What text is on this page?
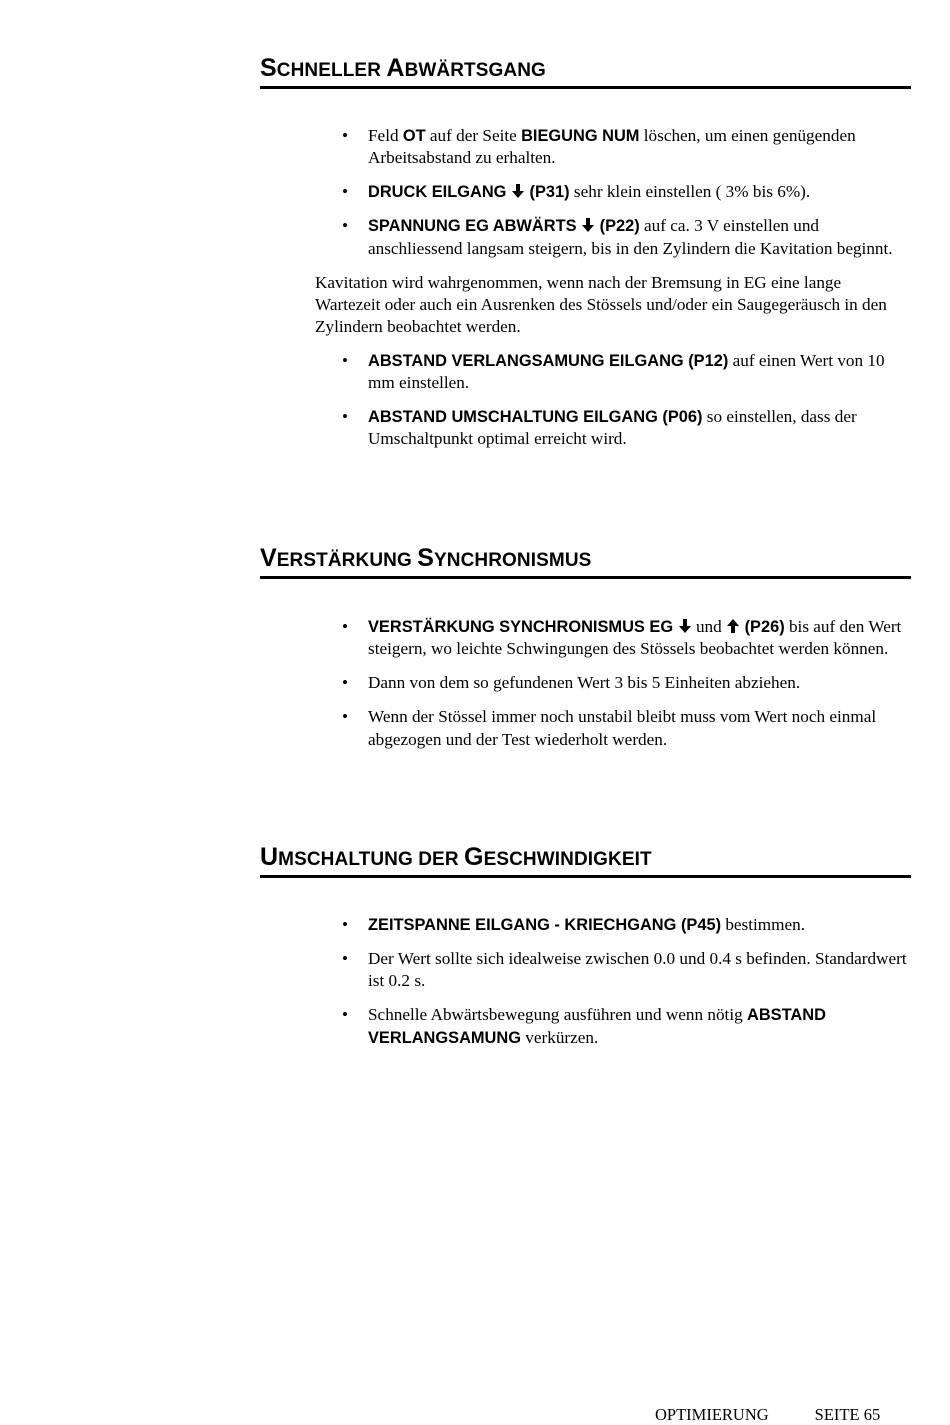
SCHNELLER ABWÄRTSGANG
• Feld OT auf der Seite BIEGUNG NUM löschen, um einen genügenden Arbeitsabstand zu erhalten.
• DRUCK EILGANG  (P31) sehr klein einstellen ( 3% bis 6%).
• SPANNUNG EG ABWÄRTS  (P22) auf ca. 3 V einstellen und anschliessend langsam steigern, bis in den Zylindern die Kavitation beginnt.

Kavitation wird wahrgenommen, wenn nach der Bremsung in EG eine lange Wartezeit oder auch ein Ausrenken des Stössels und/oder ein Saugegeräusch in den Zylindern beobachtet werden.

• ABSTAND VERLANGSAMUNG EILGANG (P12) auf einen Wert von 10 mm einstellen.
• ABSTAND UMSCHALTUNG EILGANG (P06) so einstellen, dass der Umschaltpunkt optimal erreicht wird.
VERSTÄRKUNG SYNCHRONISMUS
• VERSTÄRKUNG SYNCHRONISMUS EG  und  (P26) bis auf den Wert steigern, wo leichte Schwingungen des Stössels beobachtet werden können.
• Dann von dem so gefundenen Wert 3 bis 5 Einheiten abziehen.
• Wenn der Stössel immer noch unstabil bleibt muss vom Wert noch einmal abgezogen und der Test wiederholt werden.
UMSCHALTUNG DER GESCHWINDIGKEIT
• ZEITSPANNE EILGANG - KRIECHGANG (P45) bestimmen.
• Der Wert sollte sich idealweise zwischen 0.0 und 0.4 s befinden. Standardwert ist 0.2 s.
• Schnelle Abwärtsbewegung ausführen und wenn nötig ABSTAND VERLANGSAMUNG verkürzen.
OPTIMIERUNG	SEITE 65
